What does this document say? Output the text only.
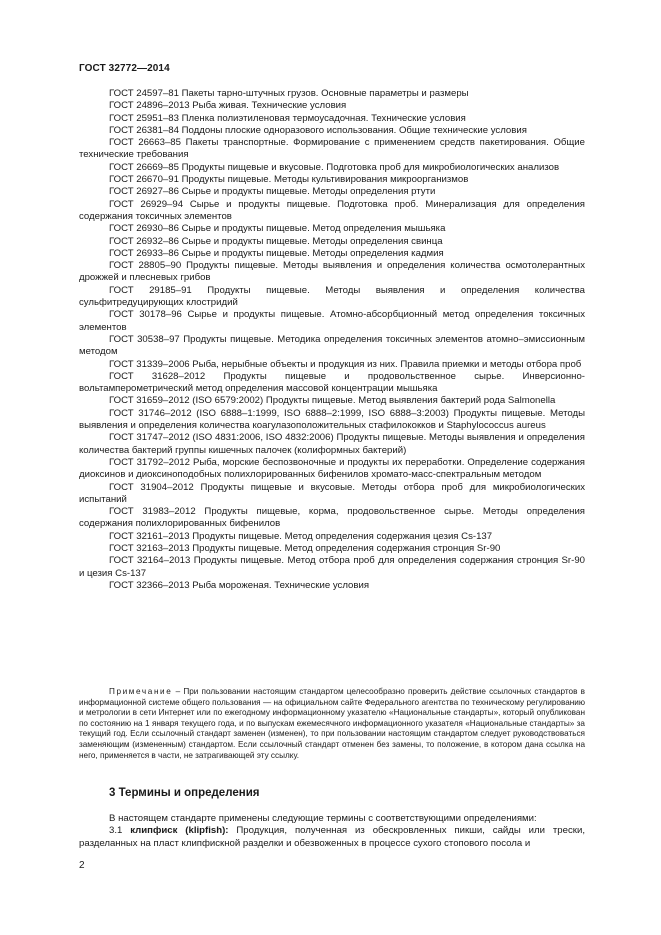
ГОСТ 32772—2014

ГОСТ 24597–81 Пакеты тарно-штучных грузов. Основные параметры и размеры

ГОСТ 24896–2013 Рыба живая. Технические условия

ГОСТ 25951–83 Пленка полиэтиленовая термоусадочная. Технические условия

ГОСТ 26381–84 Поддоны плоские одноразового использования. Общие технические условия

ГОСТ 26663–85 Пакеты транспортные. Формирование с применением средств пакетирования. Общие технические требования

ГОСТ 26669–85 Продукты пищевые и вкусовые. Подготовка проб для микробиологических анализов

ГОСТ 26670–91 Продукты пищевые. Методы культивирования микроорганизмов

ГОСТ 26927–86 Сырье и продукты пищевые. Методы определения ртути

ГОСТ 26929–94 Сырье и продукты пищевые. Подготовка проб. Минерализация для определения содержания токсичных элементов

ГОСТ 26930–86 Сырье и продукты пищевые. Метод определения мышьяка

ГОСТ 26932–86 Сырье и продукты пищевые. Методы определения свинца

ГОСТ 26933–86 Сырье и продукты пищевые. Методы определения кадмия

ГОСТ 28805–90 Продукты пищевые. Методы выявления и определения количества осмотолерантных дрожжей и плесневых грибов

ГОСТ 29185–91 Продукты пищевые. Методы выявления и определения количества сульфитредуцирующих клостридий

ГОСТ 30178–96 Сырье и продукты пищевые. Атомно-абсорбционный метод определения токсичных элементов

ГОСТ 30538–97 Продукты пищевые. Методика определения токсичных элементов атомно–эмиссионным методом

ГОСТ 31339–2006 Рыба, нерыбные объекты и продукция из них. Правила приемки и методы отбора проб

ГОСТ 31628–2012 Продукты пищевые и продовольственное сырье. Инверсионно-вольтамперометрический метод определения массовой концентрации мышьяка

ГОСТ 31659–2012 (ISO 6579:2002) Продукты пищевые. Метод выявления бактерий рода Salmonella

ГОСТ 31746–2012 (ISO 6888–1:1999, ISO 6888–2:1999, ISO 6888–3:2003) Продукты пищевые. Методы выявления и определения количества коагулазоположительных стафилококков и Staphylococcus aureus

ГОСТ 31747–2012 (ISO 4831:2006, ISO 4832:2006) Продукты пищевые. Методы выявления и определения количества бактерий группы кишечных палочек (колиформных бактерий)

ГОСТ 31792–2012 Рыба, морские беспозвоночные и продукты их переработки. Определение содержания диоксинов и диоксиноподобных полихлорированных бифенилов хромато-масс-спектральным методом

ГОСТ 31904–2012 Продукты пищевые и вкусовые. Методы отбора проб для микробиологических испытаний

ГОСТ 31983–2012 Продукты пищевые, корма, продовольственное сырье. Методы определения содержания полихлорированных бифенилов

ГОСТ 32161–2013 Продукты пищевые. Метод определения содержания цезия Cs-137

ГОСТ 32163–2013 Продукты пищевые. Метод определения содержания стронция Sr-90

ГОСТ 32164–2013 Продукты пищевые. Метод отбора проб для определения содержания стронция Sr-90 и цезия Cs-137

ГОСТ 32366–2013 Рыба мороженая. Технические условия

Примечание – При пользовании настоящим стандартом целесообразно проверить действие ссылочных стандартов в информационной системе общего пользования — на официальном сайте Федерального агентства по техническому регулированию и метрологии в сети Интернет или по ежегодному информационному указателю «Национальные стандарты», который опубликован по состоянию на 1 января текущего года, и по выпускам ежемесячного информационного указателя «Национальные стандарты» за текущий год. Если ссылочный стандарт заменен (изменен), то при пользовании настоящим стандартом следует руководствоваться заменяющим (измененным) стандартом. Если ссылочный стандарт отменен без замены, то положение, в котором дана ссылка на него, применяется в части, не затрагивающей эту ссылку.

3 Термины и определения

В настоящем стандарте применены следующие термины с соответствующими определениями:

3.1 клипфиск (klipfish): Продукция, полученная из обескровленных пикши, сайды или трески, разделанных на пласт клипфискной разделки и обезвоженных в процессе сухого стопового посола и

2
